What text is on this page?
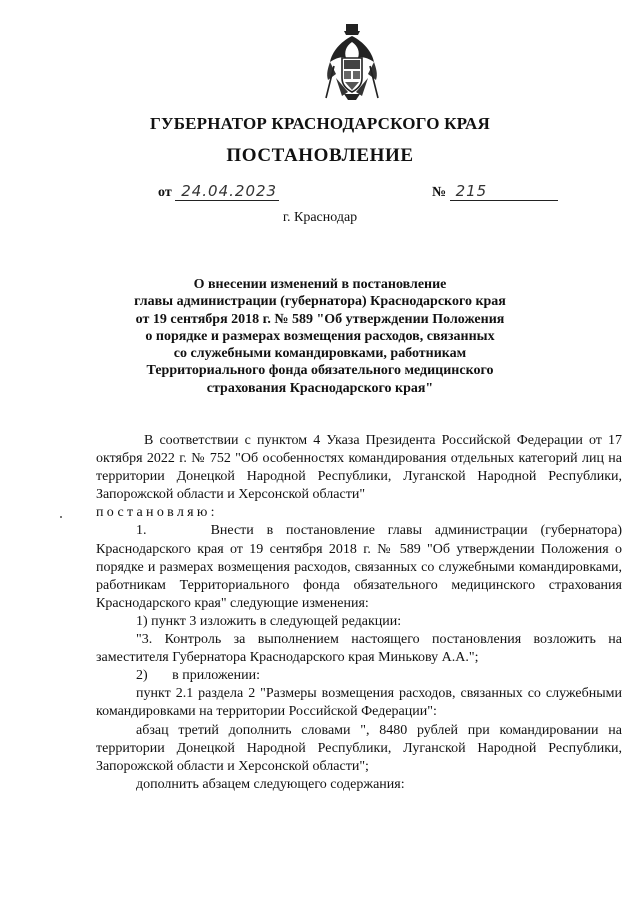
ГУБЕРНАТОР КРАСНОДАРСКОГО КРАЯ
ПОСТАНОВЛЕНИЕ
от 24.04.2023	№ 215
г. Краснодар
О внесении изменений в постановление
главы администрации (губернатора) Краснодарского края
от 19 сентября 2018 г. № 589 "Об утверждении Положения
о порядке и размерах возмещения расходов, связанных
со служебными командировками, работникам
Территориального фонда обязательного медицинского
страхования Краснодарского края"

В соответствии с пунктом 4 Указа Президента Российской Федерации от 17 октября 2022 г. № 752 "Об особенностях командирования отдельных категорий лиц на территории Донецкой Народной Республики, Луганской Народной Республики, Запорожской области и Херсонской области"

постановляю:

1.     Внести в постановление главы администрации (губернатора) Краснодарского края от 19 сентября 2018 г. № 589 "Об утверждении Положения о порядке и размерах возмещения расходов, связанных со служебными командировками, работникам Территориального фонда обязательного медицинского страхования Краснодарского края" следующие изменения:

1) пункт 3 изложить в следующей редакции:

"3. Контроль за выполнением настоящего постановления возложить на заместителя Губернатора Краснодарского края Минькову А.А.";

2)       в приложении:

пункт 2.1 раздела 2 "Размеры возмещения расходов, связанных со служебными командировками на территории Российской Федерации":

абзац третий дополнить словами ", 8480 рублей при командировании на территории Донецкой Народной Республики, Луганской Народной Республики, Запорожской области и Херсонской области";

дополнить абзацем следующего содержания:
